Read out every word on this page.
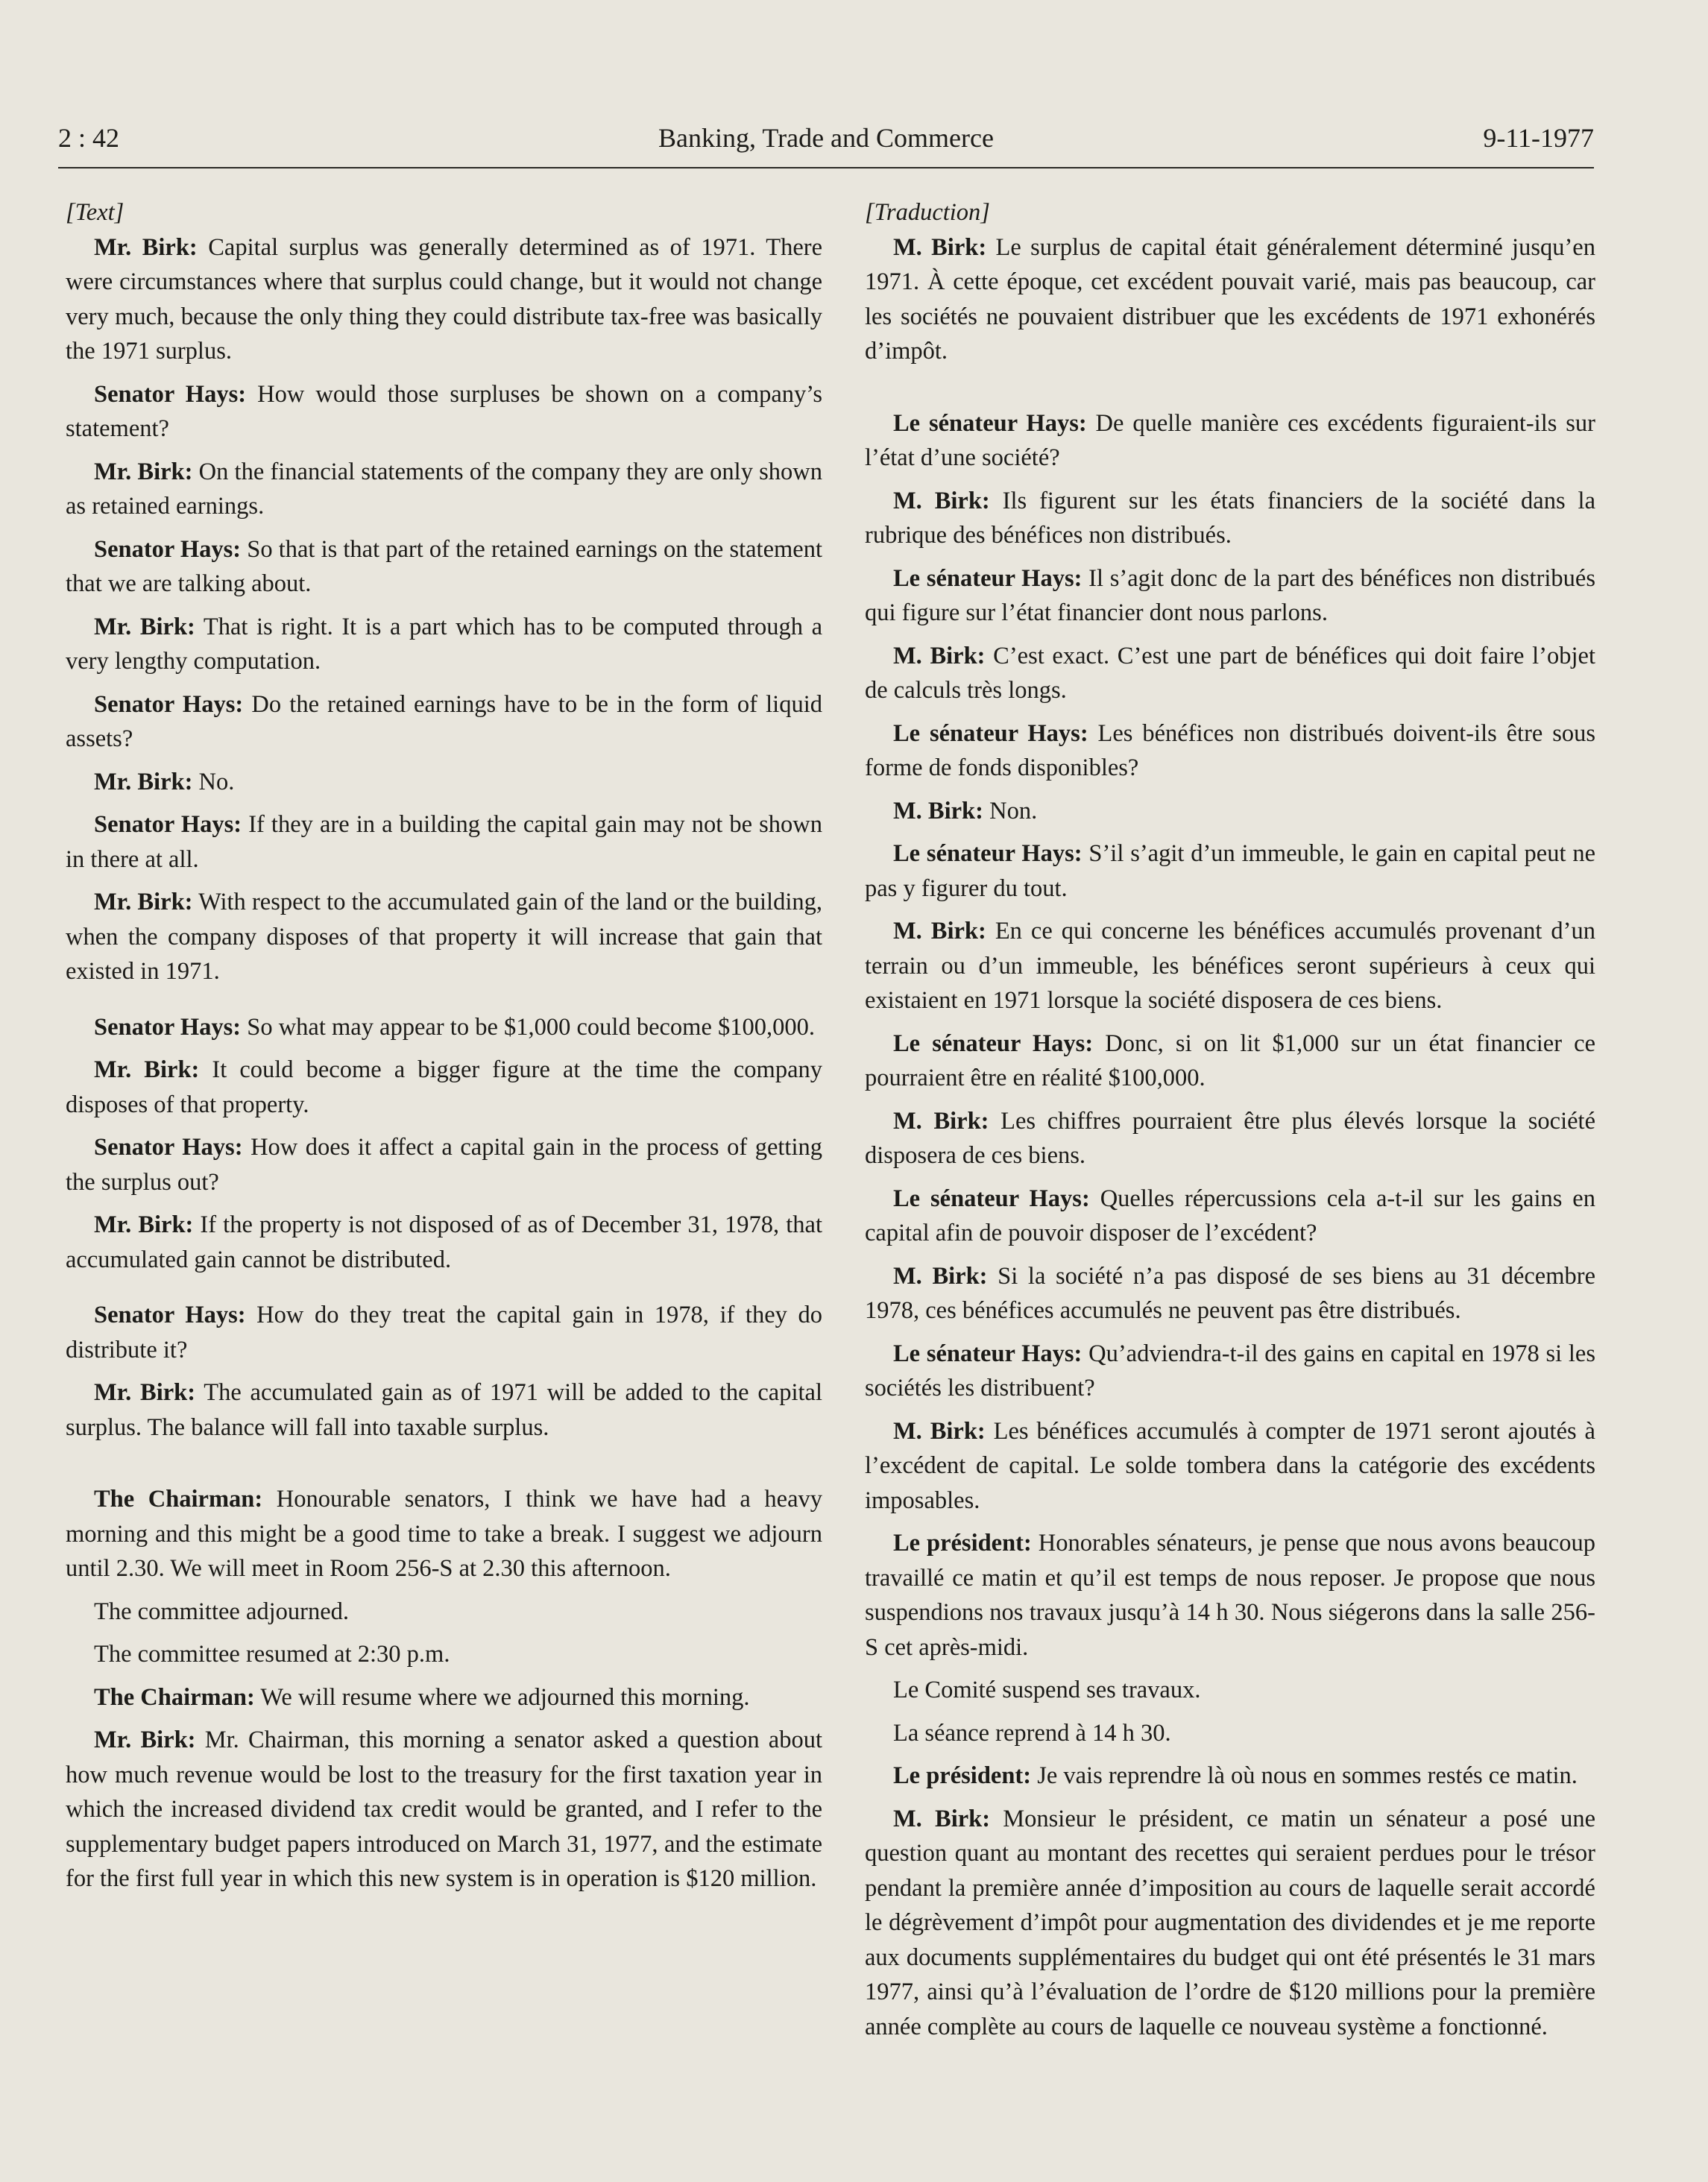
2 : 42	Banking, Trade and Commerce	9-11-1977

[Text]

Mr. Birk: Capital surplus was generally determined as of 1971. There were circumstances where that surplus could change, but it would not change very much, because the only thing they could distribute tax-free was basically the 1971 surplus.

Senator Hays: How would those surpluses be shown on a company’s statement?

Mr. Birk: On the financial statements of the company they are only shown as retained earnings.

Senator Hays: So that is that part of the retained earnings on the statement that we are talking about.

Mr. Birk: That is right. It is a part which has to be computed through a very lengthy computation.

Senator Hays: Do the retained earnings have to be in the form of liquid assets?

Mr. Birk: No.

Senator Hays: If they are in a building the capital gain may not be shown in there at all.

Mr. Birk: With respect to the accumulated gain of the land or the building, when the company disposes of that property it will increase that gain that existed in 1971.

Senator Hays: So what may appear to be $1,000 could become $100,000.

Mr. Birk: It could become a bigger figure at the time the company disposes of that property.

Senator Hays: How does it affect a capital gain in the process of getting the surplus out?

Mr. Birk: If the property is not disposed of as of December 31, 1978, that accumulated gain cannot be distributed.

Senator Hays: How do they treat the capital gain in 1978, if they do distribute it?

Mr. Birk: The accumulated gain as of 1971 will be added to the capital surplus. The balance will fall into taxable surplus.

The Chairman: Honourable senators, I think we have had a heavy morning and this might be a good time to take a break. I suggest we adjourn until 2.30. We will meet in Room 256-S at 2.30 this afternoon.

The committee adjourned.

The committee resumed at 2:30 p.m.

The Chairman: We will resume where we adjourned this morning.

Mr. Birk: Mr. Chairman, this morning a senator asked a question about how much revenue would be lost to the treasury for the first taxation year in which the increased dividend tax credit would be granted, and I refer to the supplementary budget papers introduced on March 31, 1977, and the estimate for the first full year in which this new system is in operation is $120 million.

[Traduction]

M. Birk: Le surplus de capital était généralement déterminé jusqu’en 1971. À cette époque, cet excédent pouvait varié, mais pas beaucoup, car les sociétés ne pouvaient distribuer que les excédents de 1971 exhonérés d’impôt.

Le sénateur Hays: De quelle manière ces excédents figuraient-ils sur l’état d’une société?

M. Birk: Ils figurent sur les états financiers de la société dans la rubrique des bénéfices non distribués.

Le sénateur Hays: Il s’agit donc de la part des bénéfices non distribués qui figure sur l’état financier dont nous parlons.

M. Birk: C’est exact. C’est une part de bénéfices qui doit faire l’objet de calculs très longs.

Le sénateur Hays: Les bénéfices non distribués doivent-ils être sous forme de fonds disponibles?

M. Birk: Non.

Le sénateur Hays: S’il s’agit d’un immeuble, le gain en capital peut ne pas y figurer du tout.

M. Birk: En ce qui concerne les bénéfices accumulés provenant d’un terrain ou d’un immeuble, les bénéfices seront supérieurs à ceux qui existaient en 1971 lorsque la société disposera de ces biens.

Le sénateur Hays: Donc, si on lit $1,000 sur un état financier ce pourraient être en réalité $100,000.

M. Birk: Les chiffres pourraient être plus élevés lorsque la société disposera de ces biens.

Le sénateur Hays: Quelles répercussions cela a-t-il sur les gains en capital afin de pouvoir disposer de l’excédent?

M. Birk: Si la société n’a pas disposé de ses biens au 31 décembre 1978, ces bénéfices accumulés ne peuvent pas être distribués.

Le sénateur Hays: Qu’adviendra-t-il des gains en capital en 1978 si les sociétés les distribuent?

M. Birk: Les bénéfices accumulés à compter de 1971 seront ajoutés à l’excédent de capital. Le solde tombera dans la catégorie des excédents imposables.

Le président: Honorables sénateurs, je pense que nous avons beaucoup travaillé ce matin et qu’il est temps de nous reposer. Je propose que nous suspendions nos travaux jusqu’à 14 h 30. Nous siégerons dans la salle 256-S cet après-midi.

Le Comité suspend ses travaux.

La séance reprend à 14 h 30.

Le président: Je vais reprendre là où nous en sommes restés ce matin.

M. Birk: Monsieur le président, ce matin un sénateur a posé une question quant au montant des recettes qui seraient perdues pour le trésor pendant la première année d’imposition au cours de laquelle serait accordé le dégrèvement d’impôt pour augmentation des dividendes et je me reporte aux documents supplémentaires du budget qui ont été présentés le 31 mars 1977, ainsi qu’à l’évaluation de l’ordre de $120 millions pour la première année complète au cours de laquelle ce nouveau système a fonctionné.
